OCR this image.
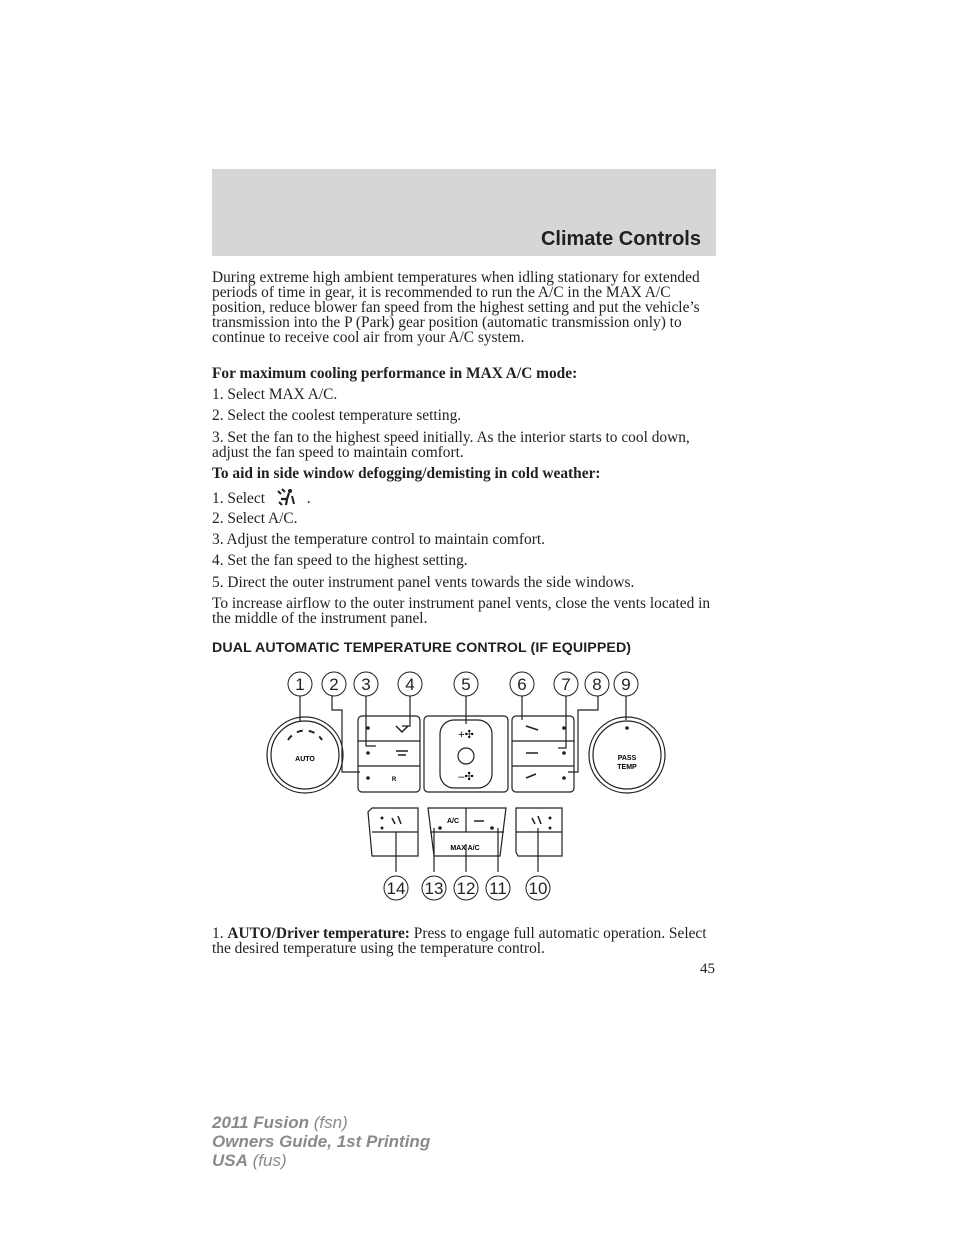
Climate Controls

During extreme high ambient temperatures when idling stationary for extended periods of time in gear, it is recommended to run the A/C in the MAX A/C position, reduce blower fan speed from the highest setting and put the vehicle’s transmission into the P (Park) gear position (automatic transmission only) to continue to receive cool air from your A/C system.

For maximum cooling performance in MAX A/C mode:
1. Select MAX A/C.
2. Select the coolest temperature setting.
3. Set the fan to the highest speed initially. As the interior starts to cool down, adjust the fan speed to maintain comfort.
To aid in side window defogging/demisting in cold weather:
1. Select	.
2. Select A/C.
3. Adjust the temperature control to maintain comfort.
4. Set the fan speed to the highest setting.
5. Direct the outer instrument panel vents towards the side windows.
To increase airflow to the outer instrument panel vents, close the vents located in the middle of the instrument panel.
DUAL AUTOMATIC TEMPERATURE CONTROL (IF EQUIPPED)
AUTO	PASS
TEMP
A/C
MAX A/C
R
+✣
–✣
1 2 3 4	5	6 7 8 9
14 13 12 11 10
1. AUTO/Driver temperature: Press to engage full automatic operation. Select the desired temperature using the temperature control.
45
2011 Fusion (fsn)
Owners Guide, 1st Printing
USA (fus)
